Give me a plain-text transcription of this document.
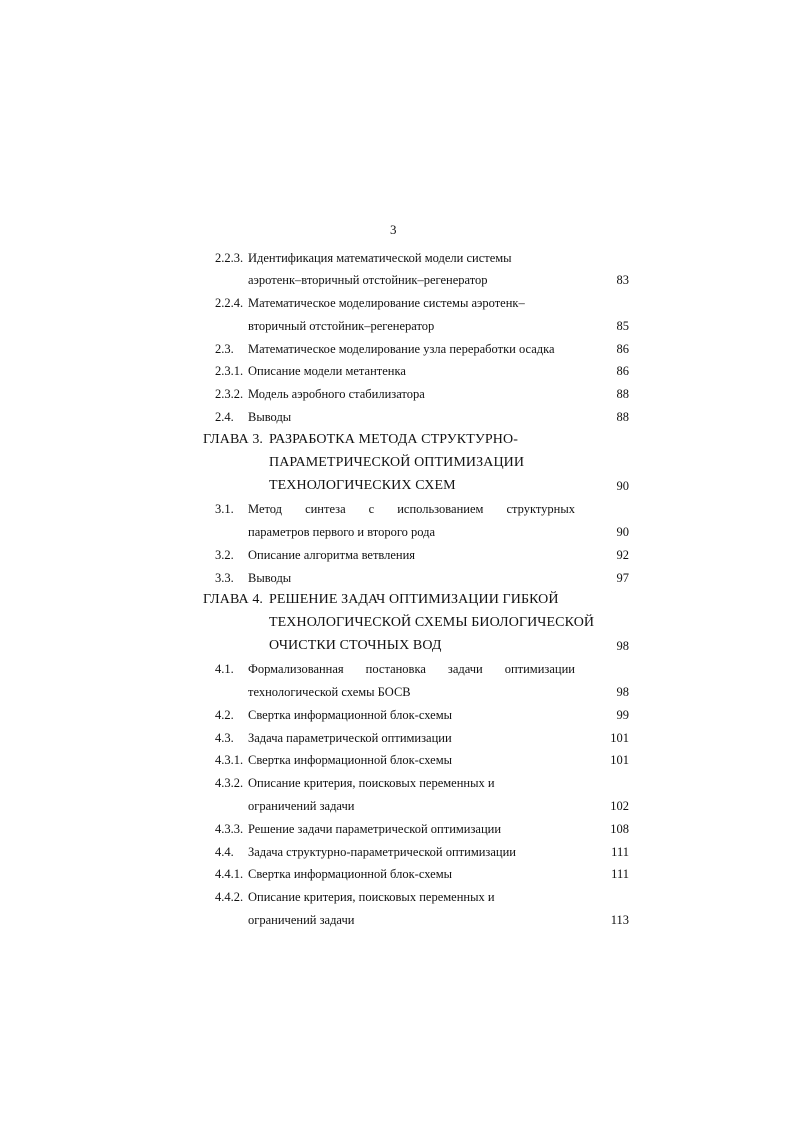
3
2.2.3. Идентификация математической модели системы
аэротенк–вторичный отстойник–регенератор	83
2.2.4. Математическое моделирование системы аэротенк–
вторичный отстойник–регенератор	85
2.3. Математическое моделирование узла переработки осадка	86
2.3.1. Описание модели метантенка	86
2.3.2. Модель аэробного стабилизатора	88
2.4. Выводы	88
ГЛАВА 3. РАЗРАБОТКА МЕТОДА СТРУКТУРНО-
ПАРАМЕТРИЧЕСКОЙ ОПТИМИЗАЦИИ
ТЕХНОЛОГИЧЕСКИХ СХЕМ	90
3.1. Метод синтеза с использованием структурных
параметров первого и второго рода	90
3.2. Описание алгоритма ветвления	92
3.3. Выводы	97
ГЛАВА 4. РЕШЕНИЕ ЗАДАЧ ОПТИМИЗАЦИИ ГИБКОЙ
ТЕХНОЛОГИЧЕСКОЙ СХЕМЫ БИОЛОГИЧЕСКОЙ
ОЧИСТКИ СТОЧНЫХ ВОД	98
4.1. Формализованная постановка задачи оптимизации
технологической схемы БОСВ	98
4.2. Свертка информационной блок-схемы	99
4.3. Задача параметрической оптимизации	101
4.3.1. Свертка информационной блок-схемы	101
4.3.2. Описание критерия, поисковых переменных и
ограничений задачи	102
4.3.3. Решение задачи параметрической оптимизации	108
4.4. Задача структурно-параметрической оптимизации	111
4.4.1. Свертка информационной блок-схемы	111
4.4.2. Описание критерия, поисковых переменных и
ограничений задачи	113
